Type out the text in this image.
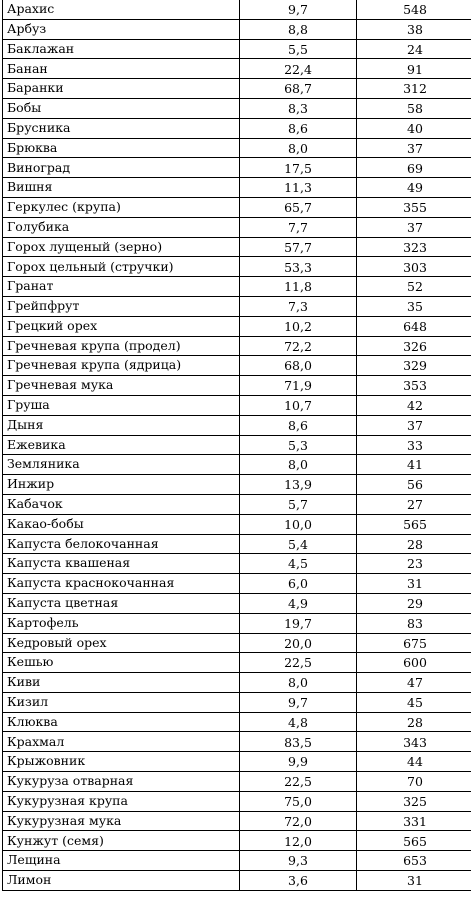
Арахис	9,7	548
Арбуз	8,8	38
Баклажан	5,5	24
Банан	22,4	91
Баранки	68,7	312
Бобы	8,3	58
Брусника	8,6	40
Брюква	8,0	37
Виноград	17,5	69
Вишня	11,3	49
Геркулес (крупа)	65,7	355
Голубика	7,7	37
Горох лущеный (зерно)	57,7	323
Горох цельный (стручки)	53,3	303
Гранат	11,8	52
Грейпфрут	7,3	35
Грецкий орех	10,2	648
Гречневая крупа (продел)	72,2	326
Гречневая крупа (ядрица)	68,0	329
Гречневая мука	71,9	353
Груша	10,7	42
Дыня	8,6	37
Ежевика	5,3	33
Земляника	8,0	41
Инжир	13,9	56
Кабачок	5,7	27
Какао-бобы	10,0	565
Капуста белокочанная	5,4	28
Капуста квашеная	4,5	23
Капуста краснокочанная	6,0	31
Капуста цветная	4,9	29
Картофель	19,7	83
Кедровый орех	20,0	675
Кешью	22,5	600
Киви	8,0	47
Кизил	9,7	45
Клюква	4,8	28
Крахмал	83,5	343
Крыжовник	9,9	44
Кукуруза отварная	22,5	70
Кукурузная крупа	75,0	325
Кукурузная мука	72,0	331
Кунжут (семя)	12,0	565
Лещина	9,3	653
Лимон	3,6	31
